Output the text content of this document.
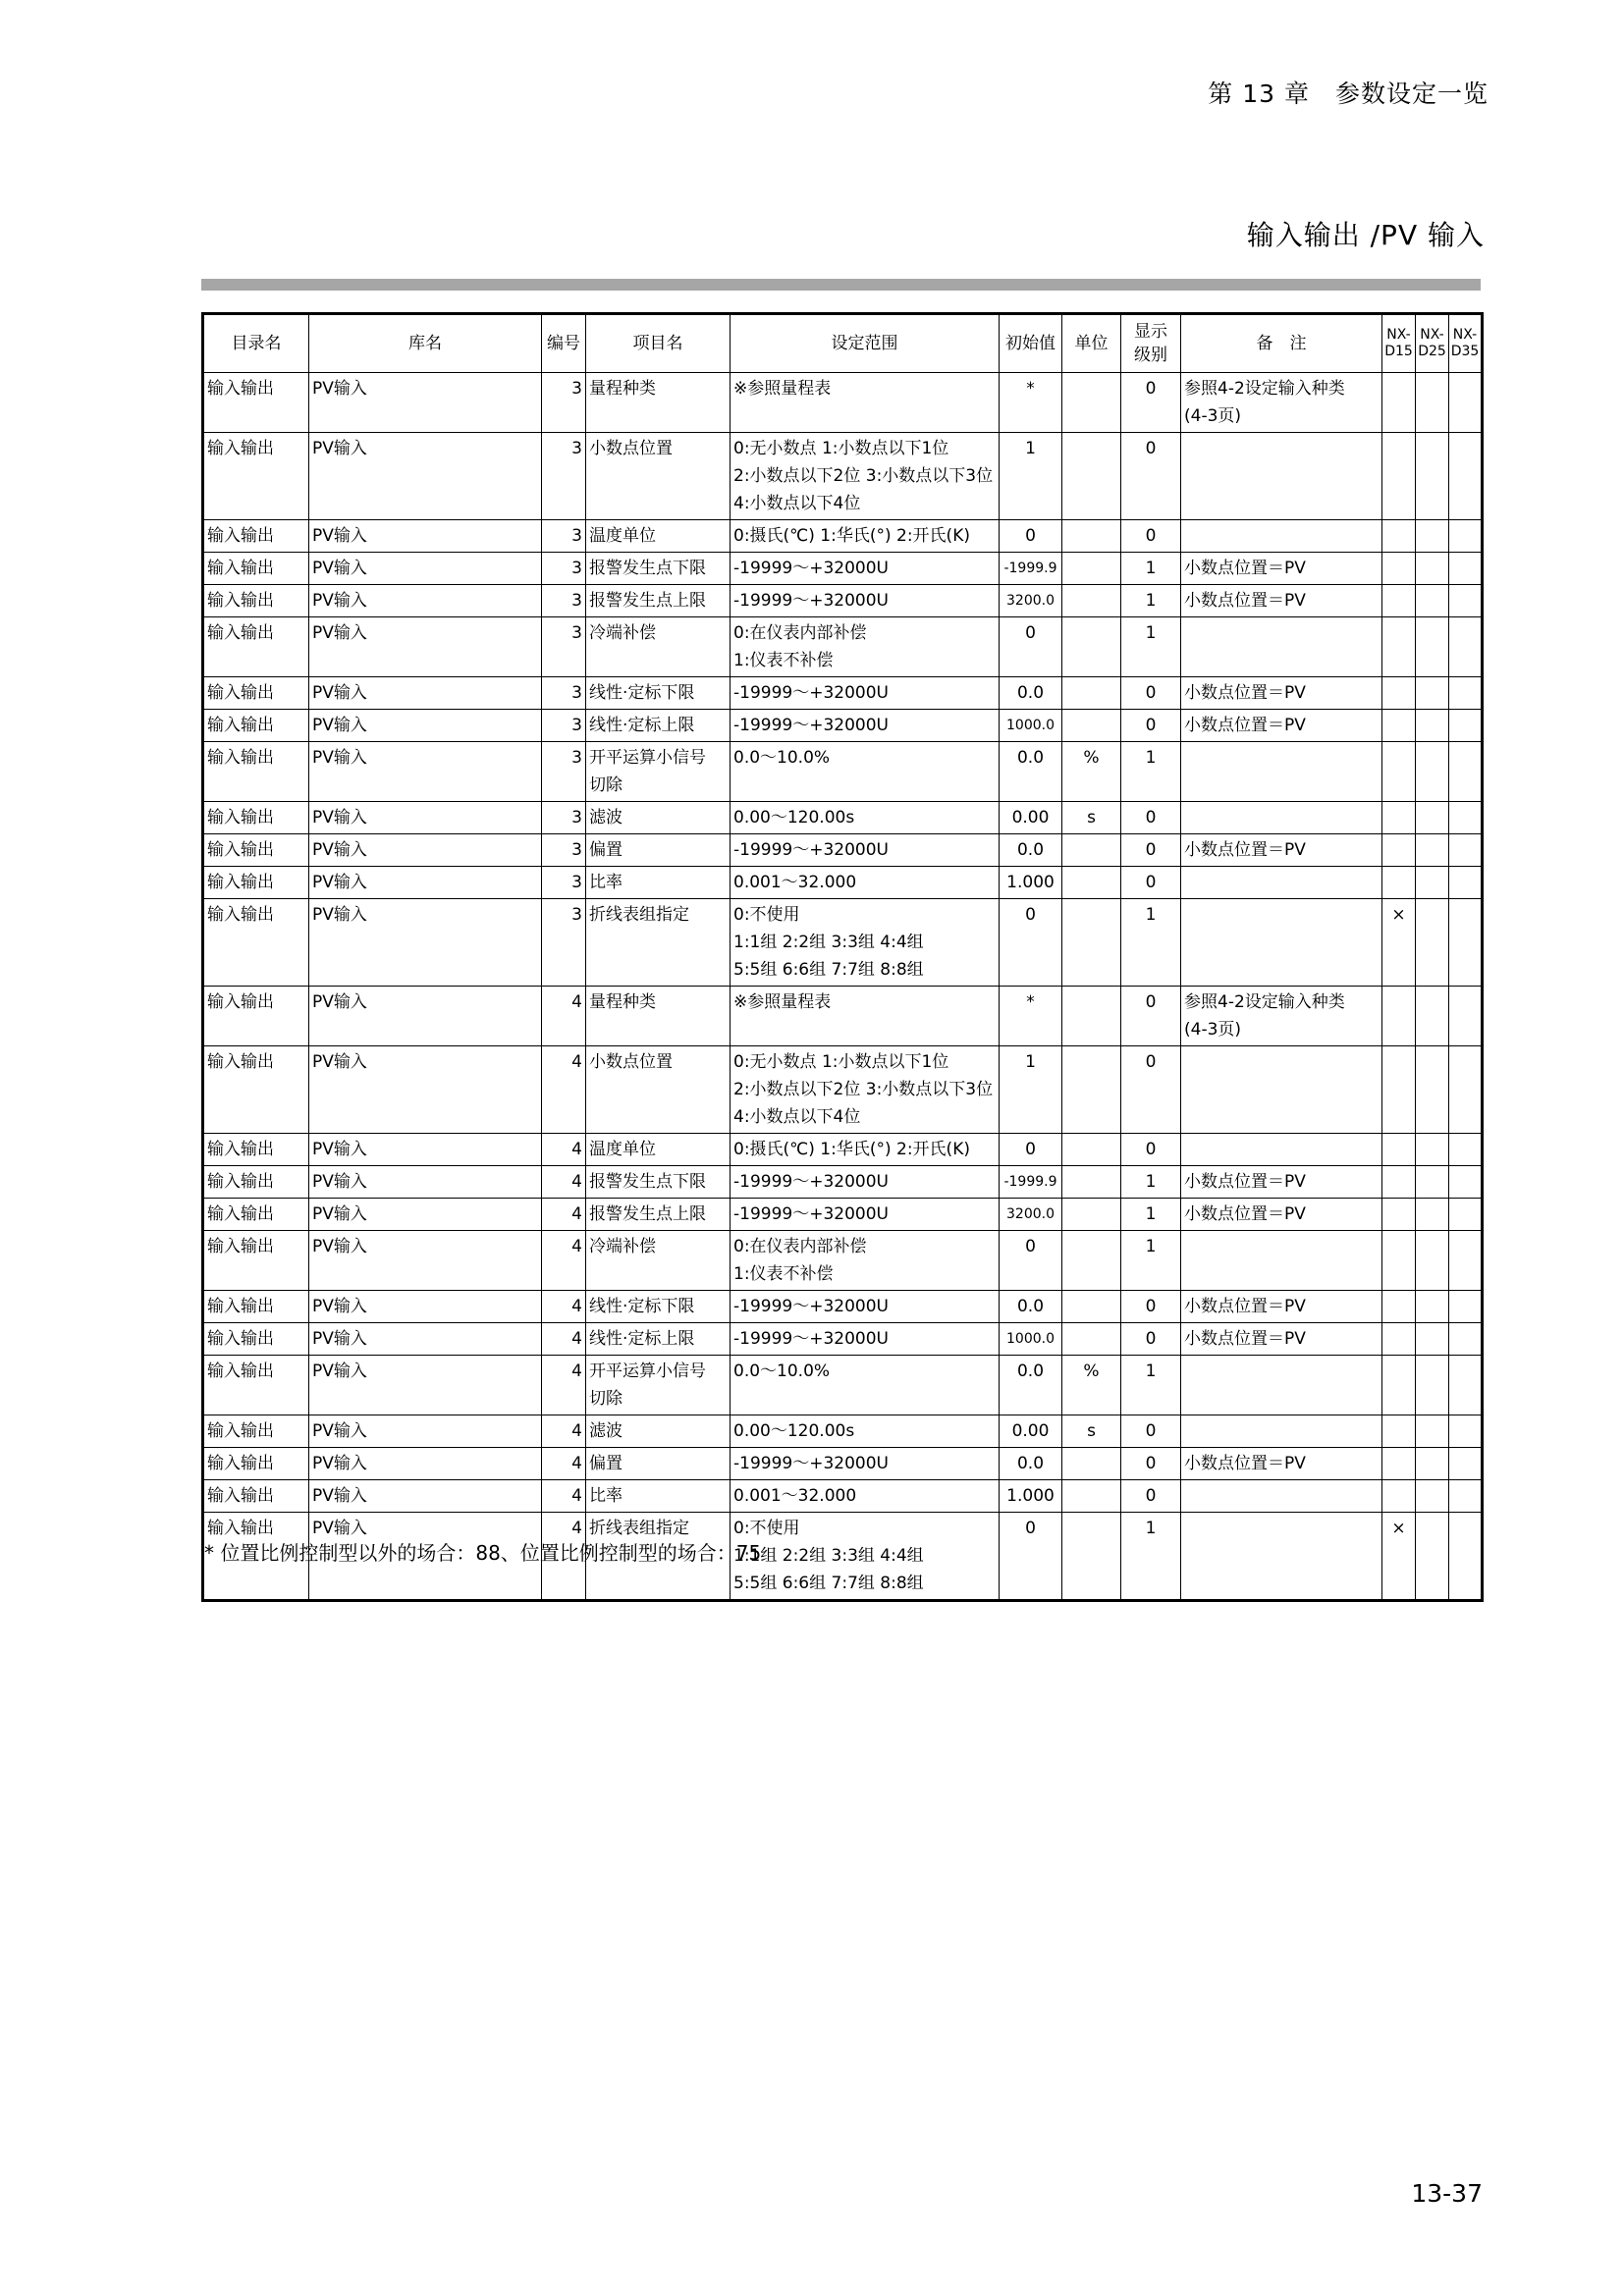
第 13 章　参数设定一览
输入输出 /PV 输入
目录名	库名	编号	项目名	设定范围	初始值	单位	显示
级别	备　注	NX-
D15	NX-
D25	NX-
D35

输入输出	PV输入	3	量程种类	※参照量程表	*		0	参照4-2设定输入种类
(4-3页)			

输入输出	PV输入	3	小数点位置	0:无小数点 1:小数点以下1位
2:小数点以下2位 3:小数点以下3位
4:小数点以下4位	1		0				
输入输出	PV输入	3	温度单位	0:摄氏(℃) 1:华氏(°) 2:开氏(K)	0		0				
输入输出	PV输入	3	报警发生点下限	-19999～+32000U	-1999.9		1	小数点位置＝PV			

输入输出	PV输入	3	报警发生点上限	-19999～+32000U	3200.0		1	小数点位置＝PV			

输入输出	PV输入	3	冷端补偿	0:在仪表内部补偿
1:仪表不补偿	0		1				
输入输出	PV输入	3	线性·定标下限	-19999～+32000U	0.0		0	小数点位置＝PV			

输入输出	PV输入	3	线性·定标上限	-19999～+32000U	1000.0		0	小数点位置＝PV			

输入输出	PV输入	3	开平运算小信号
切除	0.0～10.0%	0.0	%	1				
输入输出	PV输入	3	滤波	0.00～120.00s	0.00	s	0				
输入输出	PV输入	3	偏置	-19999～+32000U	0.0		0	小数点位置＝PV			

输入输出	PV输入	3	比率	0.001～32.000	1.000		0				
输入输出	PV输入	3	折线表组指定	0:不使用
1:1组 2:2组 3:3组 4:4组
5:5组 6:6组 7:7组 8:8组	0		1		×		
输入输出	PV输入	4	量程种类	※参照量程表	*		0	参照4-2设定输入种类
(4-3页)			

输入输出	PV输入	4	小数点位置	0:无小数点 1:小数点以下1位
2:小数点以下2位 3:小数点以下3位
4:小数点以下4位	1		0				
输入输出	PV输入	4	温度单位	0:摄氏(℃) 1:华氏(°) 2:开氏(K)	0		0				
输入输出	PV输入	4	报警发生点下限	-19999～+32000U	-1999.9		1	小数点位置＝PV			

输入输出	PV输入	4	报警发生点上限	-19999～+32000U	3200.0		1	小数点位置＝PV			

输入输出	PV输入	4	冷端补偿	0:在仪表内部补偿
1:仪表不补偿	0		1				
输入输出	PV输入	4	线性·定标下限	-19999～+32000U	0.0		0	小数点位置＝PV			

输入输出	PV输入	4	线性·定标上限	-19999～+32000U	1000.0		0	小数点位置＝PV			

输入输出	PV输入	4	开平运算小信号
切除	0.0～10.0%	0.0	%	1				
输入输出	PV输入	4	滤波	0.00～120.00s	0.00	s	0				
输入输出	PV输入	4	偏置	-19999～+32000U	0.0		0	小数点位置＝PV			

输入输出	PV输入	4	比率	0.001～32.000	1.000		0				
输入输出	PV输入	4	折线表组指定	0:不使用
1:1组 2:2组 3:3组 4:4组
5:5组 6:6组 7:7组 8:8组	0		1		×		
* 位置比例控制型以外的场合：88、位置比例控制型的场合：75
13-37
